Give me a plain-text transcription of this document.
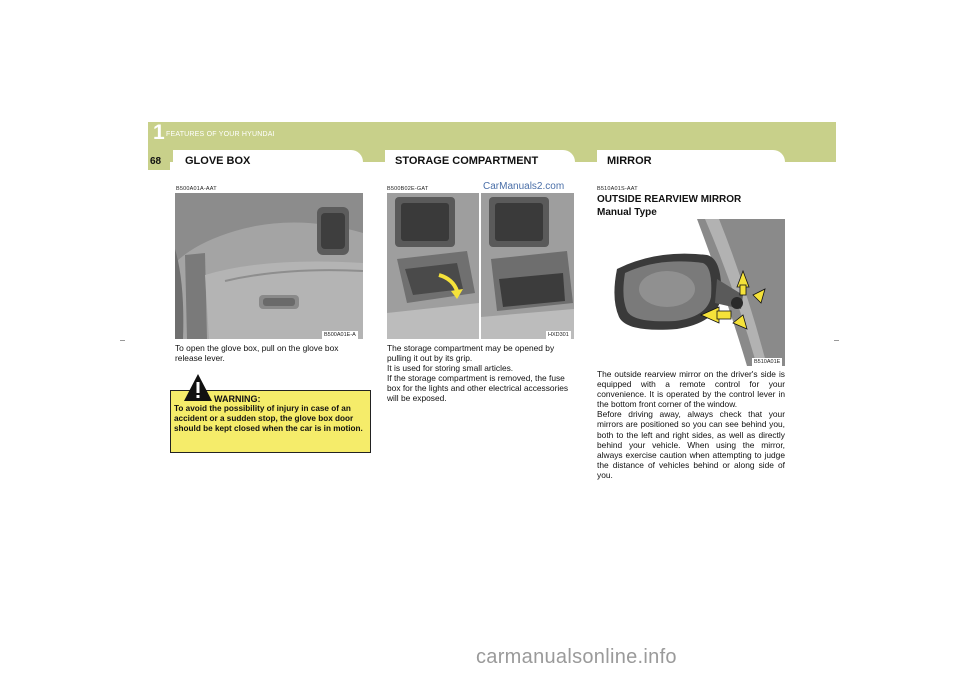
1 FEATURES OF YOUR HYUNDAI
68 GLOVE BOX	STORAGE COMPARTMENT	MIRROR
B500A01A-AAT
B500A01E-A
To open the glove box, pull on the glove box release lever.
WARNING:
To avoid the possibility of injury in case of an accident or a sudden stop, the glove box door should be kept closed when the car is in motion.
B500B02E-GAT	CarManuals2.com
HXD301
The storage compartment may be opened by pulling it out by its grip.
It is used for storing small articles.
If the storage compartment is removed, the fuse box for the lights and other electrical accessories will be exposed.
B510A01S-AAT
OUTSIDE REARVIEW MIRROR
Manual Type
B510A01E
The outside rearview mirror on the driver's side is equipped with a remote control for your convenience. It is operated by the control lever in the bottom front corner of the window.
Before driving away, always check that your mirrors are positioned so you can see behind you, both to the left and right sides, as well as directly behind your vehicle. When using the mirror, always exercise caution when attempting to judge the distance of vehicles behind or along side of you.
carmanualsonline.info
